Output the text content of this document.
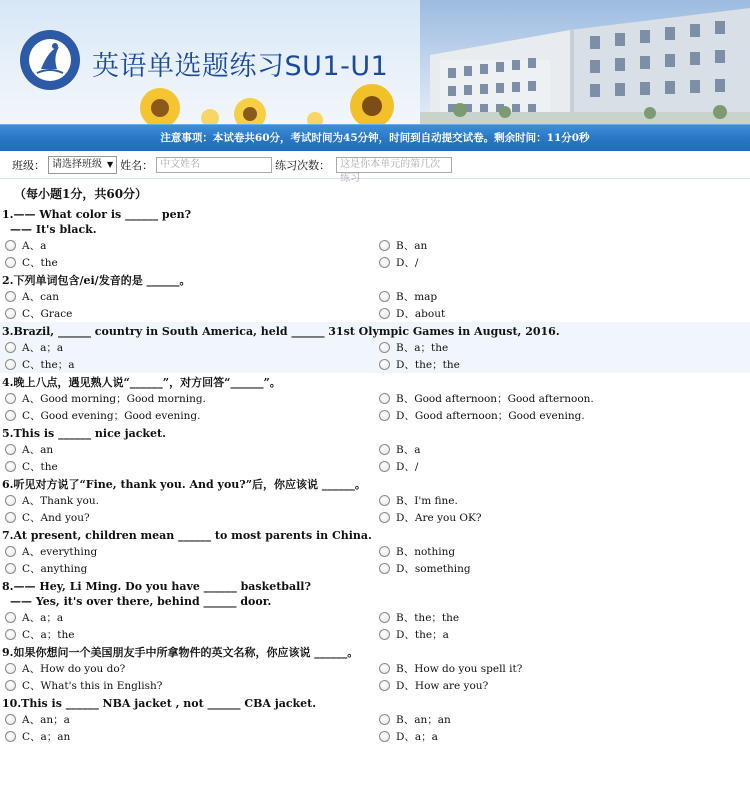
英语单选题练习SU1-U1
注意事项：本试卷共60分，考试时间为45分钟，时间到自动提交试卷。剩余时间：11分0秒
班级： 请选择班级 ▼ 姓名： 中文姓名	练习次数：	这是你本单元的第几次练习
（每小题1分，共60分）
1.—— What color is ______ pen?
—— It's black.
A、a	B、an
C、the	D、/
2.下列单词包含/ei/发音的是 ______。
A、can	B、map
C、Grace	D、about
3.Brazil, ______ country in South America, held ______ 31st Olympic Games in August, 2016.
A、a；a	B、a；the
C、the；a	D、the；the
4.晚上八点，遇见熟人说“______”，对方回答“______”。
A、Good morning；Good morning.	B、Good afternoon；Good afternoon.
C、Good evening；Good evening.	D、Good afternoon；Good evening.
5.This is ______ nice jacket.
A、an	B、a
C、the	D、/
6.听见对方说了“Fine, thank you. And you?”后，你应该说 ______。
A、Thank you.	B、I'm fine.
C、And you?	D、Are you OK?
7.At present, children mean ______ to most parents in China.
A、everything	B、nothing
C、anything	D、something
8.—— Hey, Li Ming. Do you have ______ basketball?
—— Yes, it's over there, behind ______ door.
A、a；a	B、the；the
C、a；the	D、the；a
9.如果你想问一个美国朋友手中所拿物件的英文名称，你应该说 ______。
A、How do you do?	B、How do you spell it?
C、What's this in English?	D、How are you?
10.This is ______ NBA jacket , not ______ CBA jacket.
A、an；a	B、an；an
C、a；an	D、a；a
